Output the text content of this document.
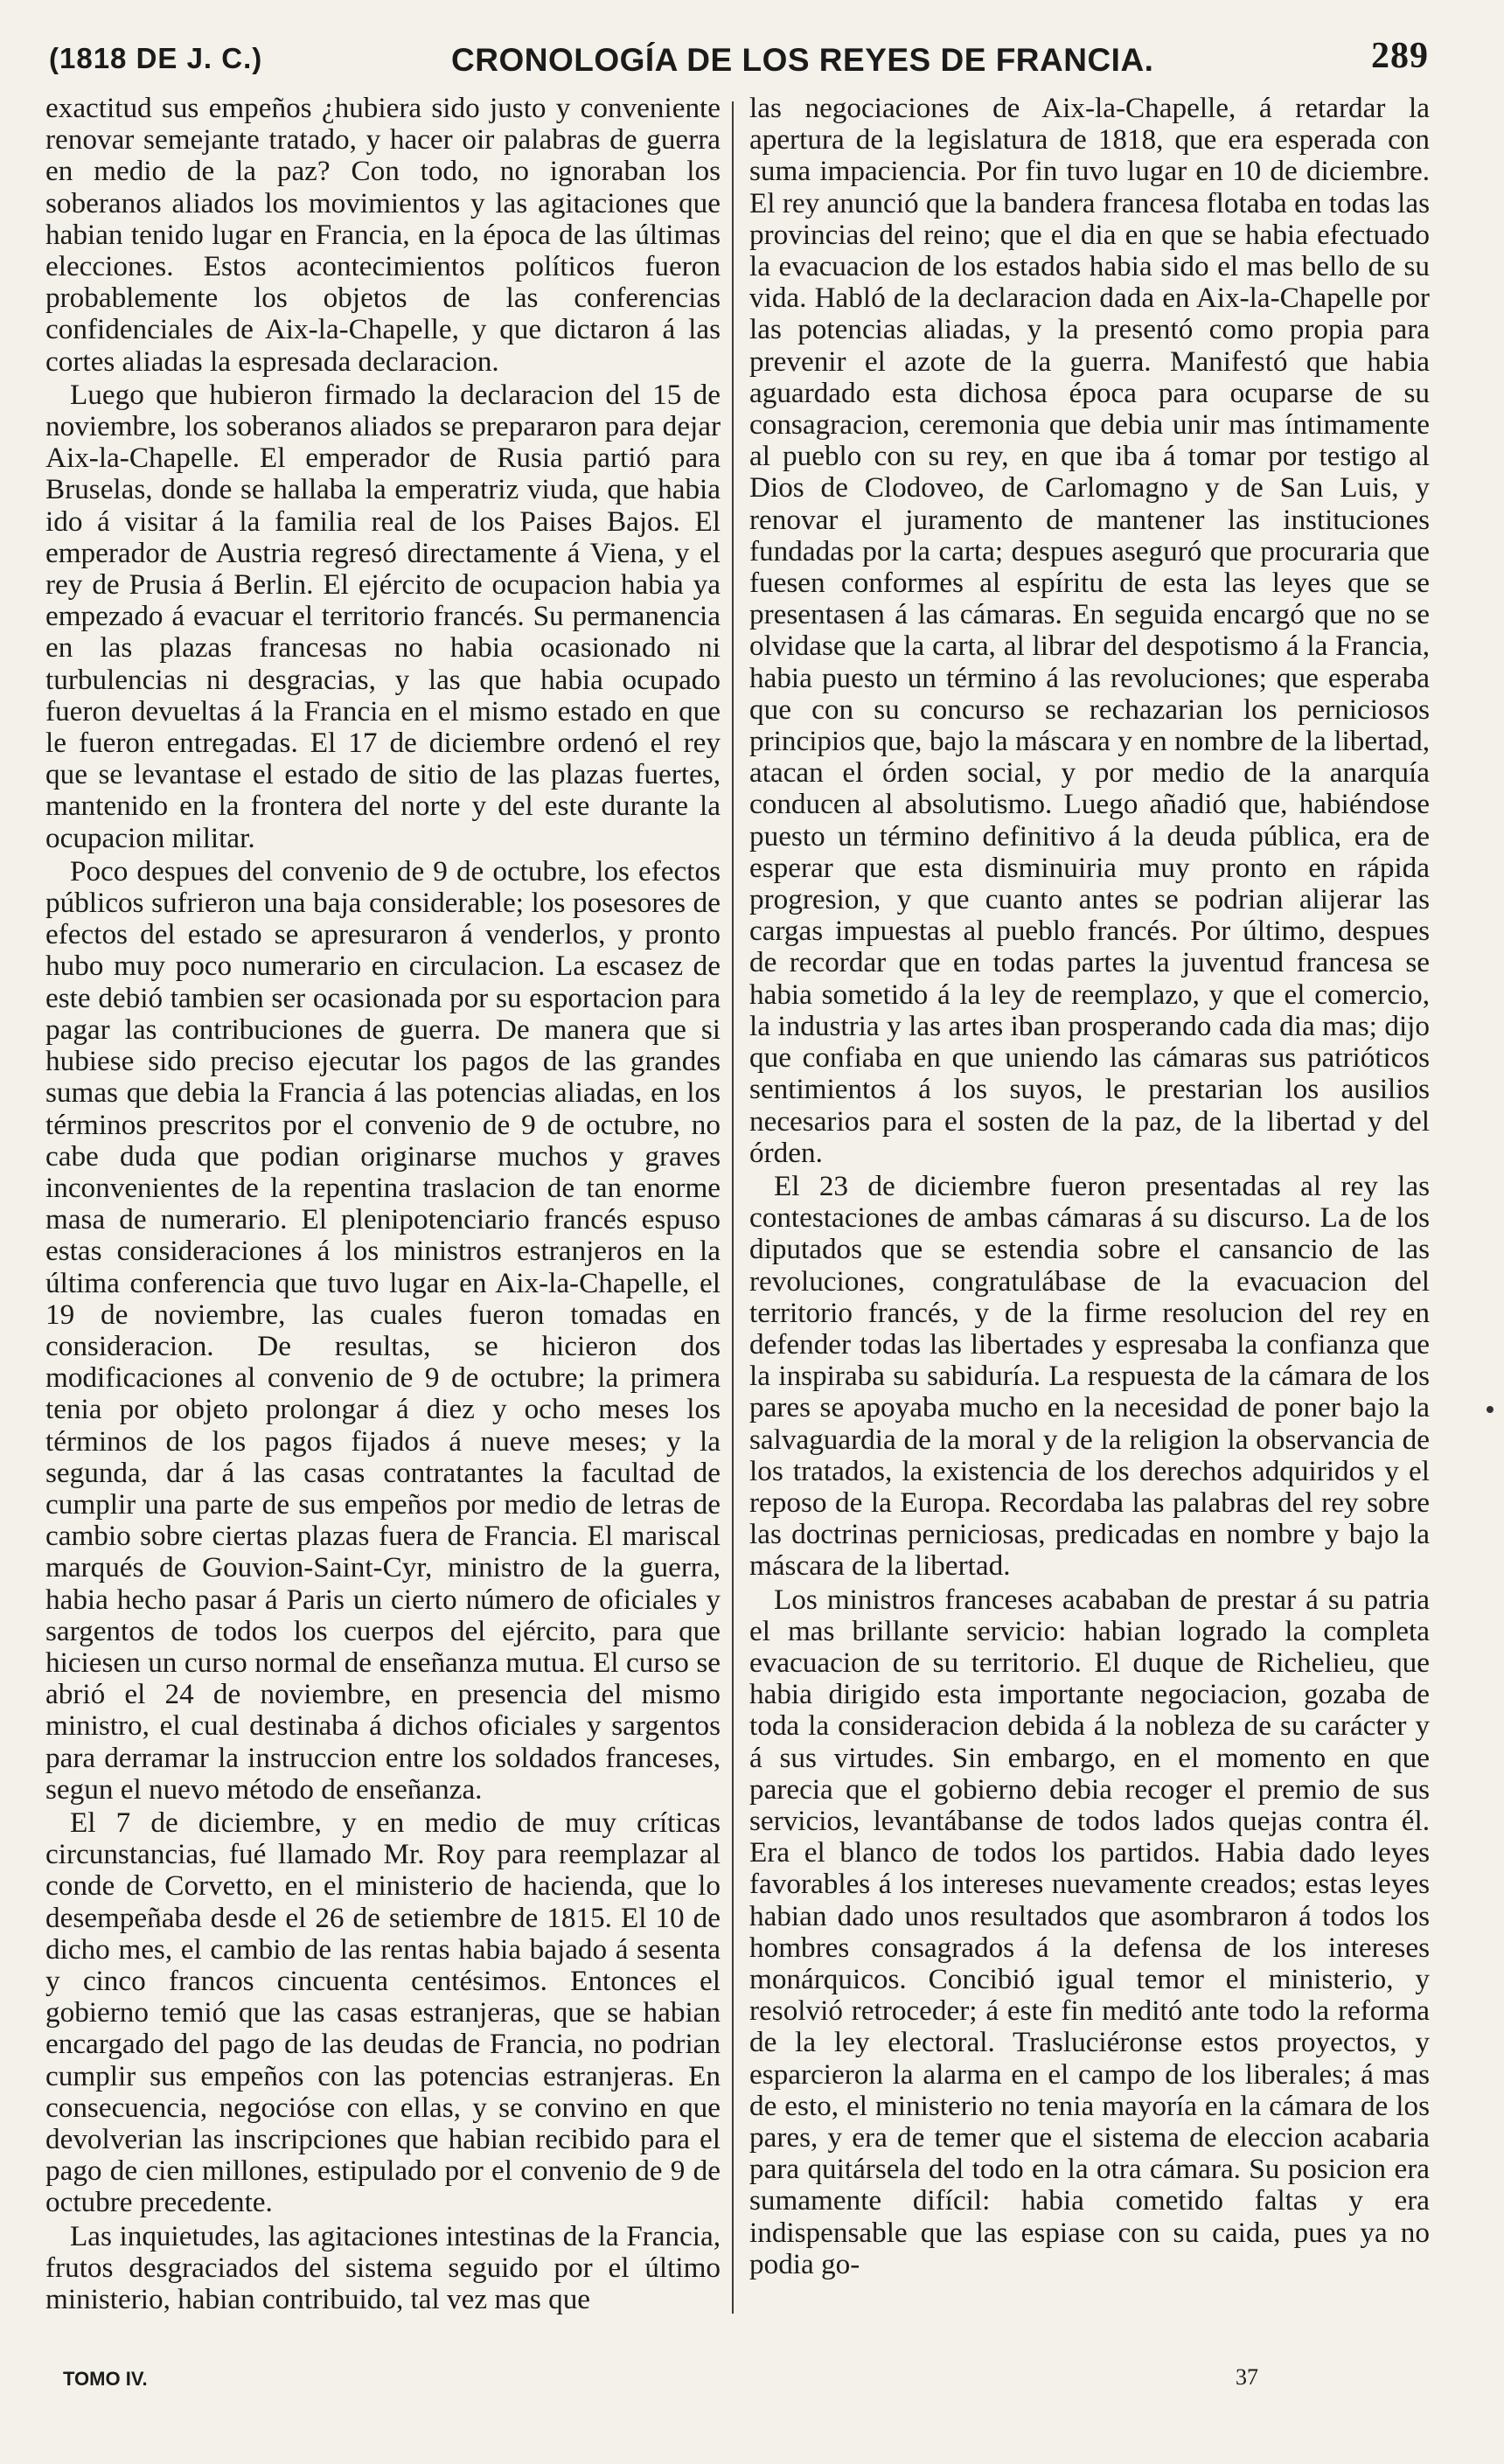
(1818 DE J. C.)	CRONOLOGÍA DE LOS REYES DE FRANCIA.	289

exactitud sus empeños ¿hubiera sido justo y conveniente renovar semejante tratado, y hacer oir palabras de guerra en medio de la paz? Con todo, no ignoraban los soberanos aliados los movimientos y las agitaciones que habian tenido lugar en Francia, en la época de las últimas elecciones. Estos acontecimientos políticos fueron probablemente los objetos de las conferencias confidenciales de Aix-la-Chapelle, y que dictaron á las cortes aliadas la espresada declaracion.

Luego que hubieron firmado la declaracion del 15 de noviembre, los soberanos aliados se prepararon para dejar Aix-la-Chapelle. El emperador de Rusia partió para Bruselas, donde se hallaba la emperatriz viuda, que habia ido á visitar á la familia real de los Paises Bajos. El emperador de Austria regresó directamente á Viena, y el rey de Prusia á Berlin. El ejército de ocupacion habia ya empezado á evacuar el territorio francés. Su permanencia en las plazas francesas no habia ocasionado ni turbulencias ni desgracias, y las que habia ocupado fueron devueltas á la Francia en el mismo estado en que le fueron entregadas. El 17 de diciembre ordenó el rey que se levantase el estado de sitio de las plazas fuertes, mantenido en la frontera del norte y del este durante la ocupacion militar.

Poco despues del convenio de 9 de octubre, los efectos públicos sufrieron una baja considerable; los posesores de efectos del estado se apresuraron á venderlos, y pronto hubo muy poco numerario en circulacion. La escasez de este debió tambien ser ocasionada por su esportacion para pagar las contribuciones de guerra. De manera que si hubiese sido preciso ejecutar los pagos de las grandes sumas que debia la Francia á las potencias aliadas, en los términos prescritos por el convenio de 9 de octubre, no cabe duda que podian originarse muchos y graves inconvenientes de la repentina traslacion de tan enorme masa de numerario. El plenipotenciario francés espuso estas consideraciones á los ministros estranjeros en la última conferencia que tuvo lugar en Aix-la-Chapelle, el 19 de noviembre, las cuales fueron tomadas en consideracion. De resultas, se hicieron dos modificaciones al convenio de 9 de octubre; la primera tenia por objeto prolongar á diez y ocho meses los términos de los pagos fijados á nueve meses; y la segunda, dar á las casas contratantes la facultad de cumplir una parte de sus empeños por medio de letras de cambio sobre ciertas plazas fuera de Francia. El mariscal marqués de Gouvion-Saint-Cyr, ministro de la guerra, habia hecho pasar á Paris un cierto número de oficiales y sargentos de todos los cuerpos del ejército, para que hiciesen un curso normal de enseñanza mutua. El curso se abrió el 24 de noviembre, en presencia del mismo ministro, el cual destinaba á dichos oficiales y sargentos para derramar la instruccion entre los soldados franceses, segun el nuevo método de enseñanza.

El 7 de diciembre, y en medio de muy críticas circunstancias, fué llamado Mr. Roy para reemplazar al conde de Corvetto, en el ministerio de hacienda, que lo desempeñaba desde el 26 de setiembre de 1815. El 10 de dicho mes, el cambio de las rentas habia bajado á sesenta y cinco francos cincuenta centésimos. Entonces el gobierno temió que las casas estranjeras, que se habian encargado del pago de las deudas de Francia, no podrian cumplir sus empeños con las potencias estranjeras. En consecuencia, negocióse con ellas, y se convino en que devolverian las inscripciones que habian recibido para el pago de cien millones, estipulado por el convenio de 9 de octubre precedente.

Las inquietudes, las agitaciones intestinas de la Francia, frutos desgraciados del sistema seguido por el último ministerio, habian contribuido, tal vez mas que

las negociaciones de Aix-la-Chapelle, á retardar la apertura de la legislatura de 1818, que era esperada con suma impaciencia. Por fin tuvo lugar en 10 de diciembre. El rey anunció que la bandera francesa flotaba en todas las provincias del reino; que el dia en que se habia efectuado la evacuacion de los estados habia sido el mas bello de su vida. Habló de la declaracion dada en Aix-la-Chapelle por las potencias aliadas, y la presentó como propia para prevenir el azote de la guerra. Manifestó que habia aguardado esta dichosa época para ocuparse de su consagracion, ceremonia que debia unir mas íntimamente al pueblo con su rey, en que iba á tomar por testigo al Dios de Clodoveo, de Carlomagno y de San Luis, y renovar el juramento de mantener las instituciones fundadas por la carta; despues aseguró que procuraria que fuesen conformes al espíritu de esta las leyes que se presentasen á las cámaras. En seguida encargó que no se olvidase que la carta, al librar del despotismo á la Francia, habia puesto un término á las revoluciones; que esperaba que con su concurso se rechazarian los perniciosos principios que, bajo la máscara y en nombre de la libertad, atacan el órden social, y por medio de la anarquía conducen al absolutismo. Luego añadió que, habiéndose puesto un término definitivo á la deuda pública, era de esperar que esta disminuiria muy pronto en rápida progresion, y que cuanto antes se podrian alijerar las cargas impuestas al pueblo francés. Por último, despues de recordar que en todas partes la juventud francesa se habia sometido á la ley de reemplazo, y que el comercio, la industria y las artes iban prosperando cada dia mas; dijo que confiaba en que uniendo las cámaras sus patrióticos sentimientos á los suyos, le prestarian los ausilios necesarios para el sosten de la paz, de la libertad y del órden.

El 23 de diciembre fueron presentadas al rey las contestaciones de ambas cámaras á su discurso. La de los diputados que se estendia sobre el cansancio de las revoluciones, congratulábase de la evacuacion del territorio francés, y de la firme resolucion del rey en defender todas las libertades y espresaba la confianza que la inspiraba su sabiduría. La respuesta de la cámara de los pares se apoyaba mucho en la necesidad de poner bajo la salvaguardia de la moral y de la religion la observancia de los tratados, la existencia de los derechos adquiridos y el reposo de la Europa. Recordaba las palabras del rey sobre las doctrinas perniciosas, predicadas en nombre y bajo la máscara de la libertad.

Los ministros franceses acababan de prestar á su patria el mas brillante servicio: habian logrado la completa evacuacion de su territorio. El duque de Richelieu, que habia dirigido esta importante negociacion, gozaba de toda la consideracion debida á la nobleza de su carácter y á sus virtudes. Sin embargo, en el momento en que parecia que el gobierno debia recoger el premio de sus servicios, levantábanse de todos lados quejas contra él. Era el blanco de todos los partidos. Habia dado leyes favorables á los intereses nuevamente creados; estas leyes habian dado unos resultados que asombraron á todos los hombres consagrados á la defensa de los intereses monárquicos. Concibió igual temor el ministerio, y resolvió retroceder; á este fin meditó ante todo la reforma de la ley electoral. Trasluciéronse estos proyectos, y esparcieron la alarma en el campo de los liberales; á mas de esto, el ministerio no tenia mayoría en la cámara de los pares, y era de temer que el sistema de eleccion acabaria para quitársela del todo en la otra cámara. Su posicion era sumamente difícil: habia cometido faltas y era indispensable que las espiase con su caida, pues ya no podia go-

TOMO IV.	37
